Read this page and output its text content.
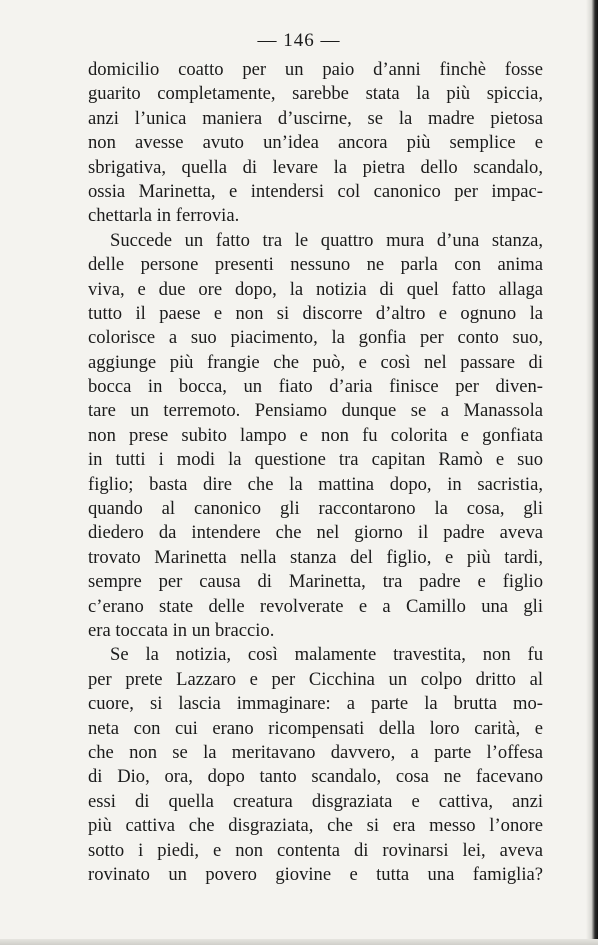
— 146 —
domicilio coatto per un paio d’anni finchè fosse
guarito completamente, sarebbe stata la più spiccia,
anzi l’unica maniera d’uscirne, se la madre pietosa
non avesse avuto un’idea ancora più semplice e
sbrigativa, quella di levare la pietra dello scandalo,
ossia Marinetta, e intendersi col canonico per impac-
chettarla in ferrovia.
Succede un fatto tra le quattro mura d’una stanza,
delle persone presenti nessuno ne parla con anima
viva, e due ore dopo, la notizia di quel fatto allaga
tutto il paese e non si discorre d’altro e ognuno la
colorisce a suo piacimento, la gonfia per conto suo,
aggiunge più frangie che può, e così nel passare di
bocca in bocca, un fiato d’aria finisce per diven-
tare un terremoto. Pensiamo dunque se a Manassola
non prese subito lampo e non fu colorita e gonfiata
in tutti i modi la questione tra capitan Ramò e suo
figlio; basta dire che la mattina dopo, in sacristia,
quando al canonico gli raccontarono la cosa, gli
diedero da intendere che nel giorno il padre aveva
trovato Marinetta nella stanza del figlio, e più tardi,
sempre per causa di Marinetta, tra padre e figlio
c’erano state delle revolverate e a Camillo una gli
era toccata in un braccio.
Se la notizia, così malamente travestita, non fu
per prete Lazzaro e per Cicchina un colpo dritto al
cuore, si lascia immaginare: a parte la brutta mo-
neta con cui erano ricompensati della loro carità, e
che non se la meritavano davvero, a parte l’offesa
di Dio, ora, dopo tanto scandalo, cosa ne facevano
essi di quella creatura disgraziata e cattiva, anzi
più cattiva che disgraziata, che si era messo l’onore
sotto i piedi, e non contenta di rovinarsi lei, aveva
rovinato un povero giovine e tutta una famiglia?
